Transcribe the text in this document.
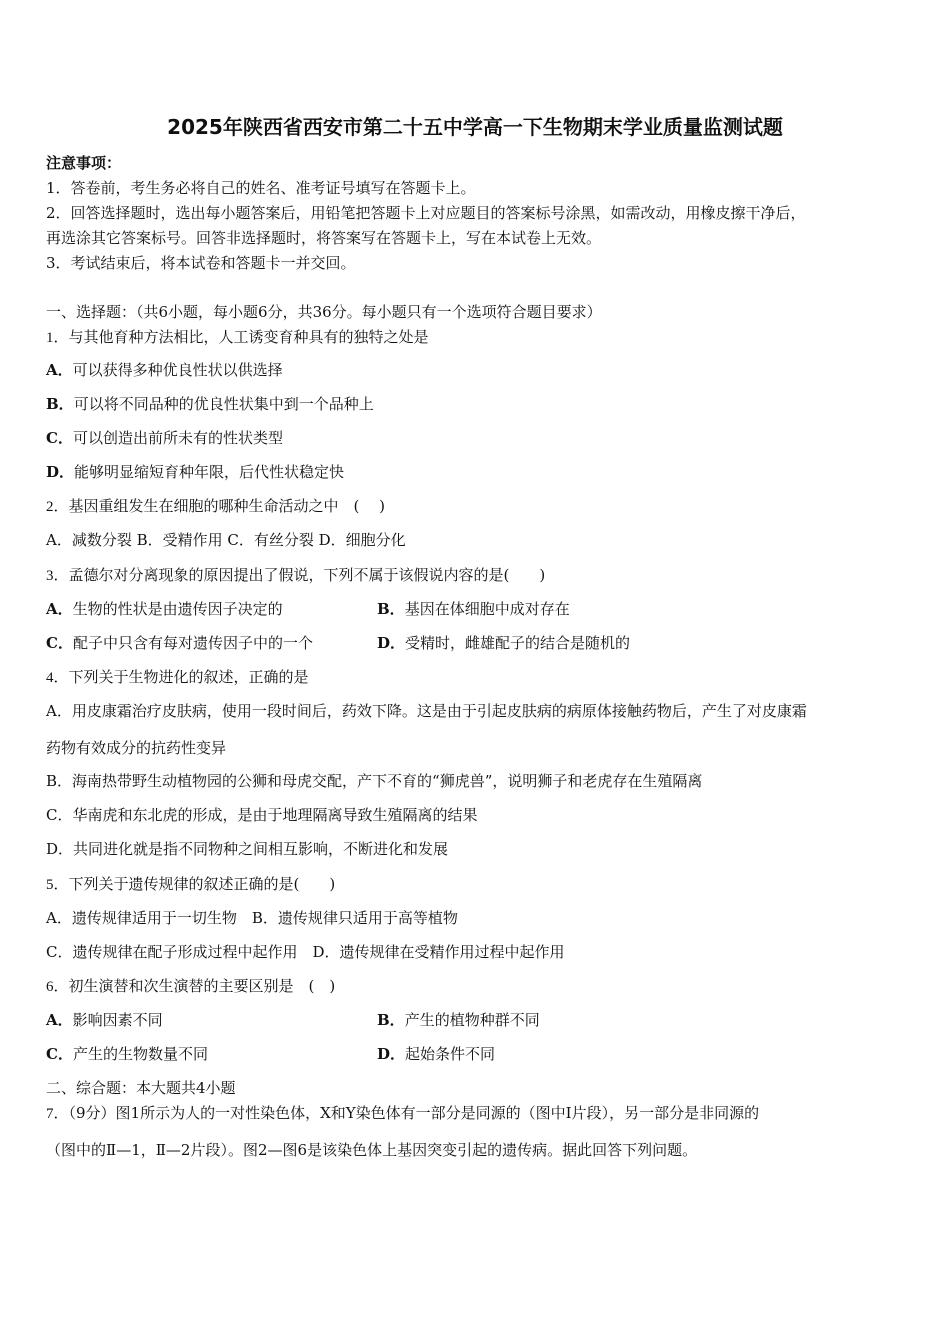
2025年陕西省西安市第二十五中学高一下生物期末学业质量监测试题
注意事项：
1．答卷前，考生务必将自己的姓名、准考证号填写在答题卡上。
2．回答选择题时，选出每小题答案后，用铅笔把答题卡上对应题目的答案标号涂黑，如需改动，用橡皮擦干净后，
再选涂其它答案标号。回答非选择题时，将答案写在答题卡上，写在本试卷上无效。
3．考试结束后，将本试卷和答题卡一并交回。
一、选择题：（共6小题，每小题6分，共36分。每小题只有一个选项符合题目要求）
1．与其他育种方法相比，人工诱变育种具有的独特之处是
A．可以获得多种优良性状以供选择
B．可以将不同品种的优良性状集中到一个品种上
C．可以创造出前所未有的性状类型
D．能够明显缩短育种年限，后代性状稳定快
2．基因重组发生在细胞的哪种生命活动之中　( 　)
A．减数分裂 B．受精作用 C．有丝分裂 D．细胞分化
3．孟德尔对分离现象的原因提出了假说，下列不属于该假说内容的是(　　)
A．生物的性状是由遗传因子决定的	B．基因在体细胞中成对存在
C．配子中只含有每对遗传因子中的一个	D．受精时，雌雄配子的结合是随机的
4．下列关于生物进化的叙述，正确的是
A．用皮康霜治疗皮肤病，使用一段时间后，药效下降。这是由于引起皮肤病的病原体接触药物后，产生了对皮康霜
药物有效成分的抗药性变异
B．海南热带野生动植物园的公狮和母虎交配，产下不育的“狮虎兽”，说明狮子和老虎存在生殖隔离
C．华南虎和东北虎的形成，是由于地理隔离导致生殖隔离的结果
D．共同进化就是指不同物种之间相互影响，不断进化和发展
5．下列关于遗传规律的叙述正确的是(　　)
A．遗传规律适用于一切生物　B．遗传规律只适用于高等植物
C．遗传规律在配子形成过程中起作用　D．遗传规律在受精作用过程中起作用
6．初生演替和次生演替的主要区别是　(　)
A．影响因素不同	B．产生的植物种群不同
C．产生的生物数量不同	D．起始条件不同
二、综合题：本大题共4小题
7．（9分）图1所示为人的一对性染色体，X和Y染色体有一部分是同源的（图中Ⅰ片段），另一部分是非同源的
（图中的Ⅱ—1，Ⅱ—2片段）。图2—图6是该染色体上基因突变引起的遗传病。据此回答下列问题。
